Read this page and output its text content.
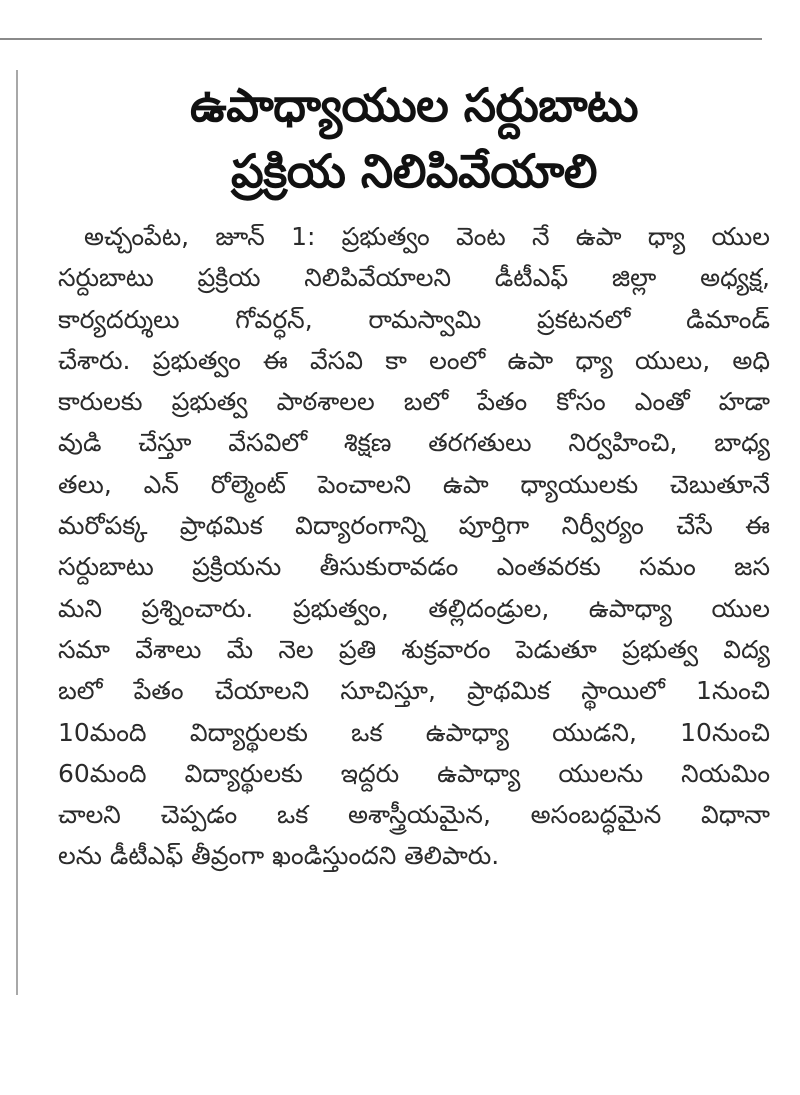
ఉపాధ్యాయుల సర్దుబాటు
ప్రక్రియ నిలిపివేయాలి
అచ్చంపేట, జూన్ 1: ప్రభుత్వం వెంట నే ఉపా ధ్యా యుల
సర్దుబాటు ప్రక్రియ నిలిపివేయాలని డీటీఎఫ్ జిల్లా అధ్యక్ష,
కార్యదర్శులు గోవర్ధన్, రామస్వామి ప్రకటనలో డిమాండ్
చేశారు. ప్రభుత్వం ఈ వేసవి కా లంలో ఉపా ధ్యా యులు, అధి
కారులకు ప్రభుత్వ పాఠశాలల బలో పేతం కోసం ఎంతో హడా
వుడి చేస్తూ వేసవిలో శిక్షణ తరగతులు నిర్వహించి, బాధ్య
తలు, ఎన్ రోల్మెంట్ పెంచాలని ఉపా ధ్యాయులకు చెబుతూనే
మరోపక్క ప్రాథమిక విద్యారంగాన్ని పూర్తిగా నిర్వీర్యం చేసే ఈ
సర్దుబాటు ప్రక్రియను తీసుకురావడం ఎంతవరకు సమం జస
మని ప్రశ్నించారు. ప్రభుత్వం, తల్లిదండ్రుల, ఉపాధ్యా యుల
సమా వేశాలు మే నెల ప్రతి శుక్రవారం పెడుతూ ప్రభుత్వ విద్య
బలో పేతం చేయాలని సూచిస్తూ, ప్రాథమిక స్థాయిలో 1నుంచి
10మంది విద్యార్థులకు ఒక ఉపాధ్యా యుడని, 10నుంచి
60మంది విద్యార్థులకు ఇద్దరు ఉపాధ్యా యులను నియమిం
చాలని చెప్పడం ఒక అశాస్త్రీయమైన, అసంబద్ధమైన విధానా
లను డీటీఎఫ్ తీవ్రంగా ఖండిస్తుందని తెలిపారు.
